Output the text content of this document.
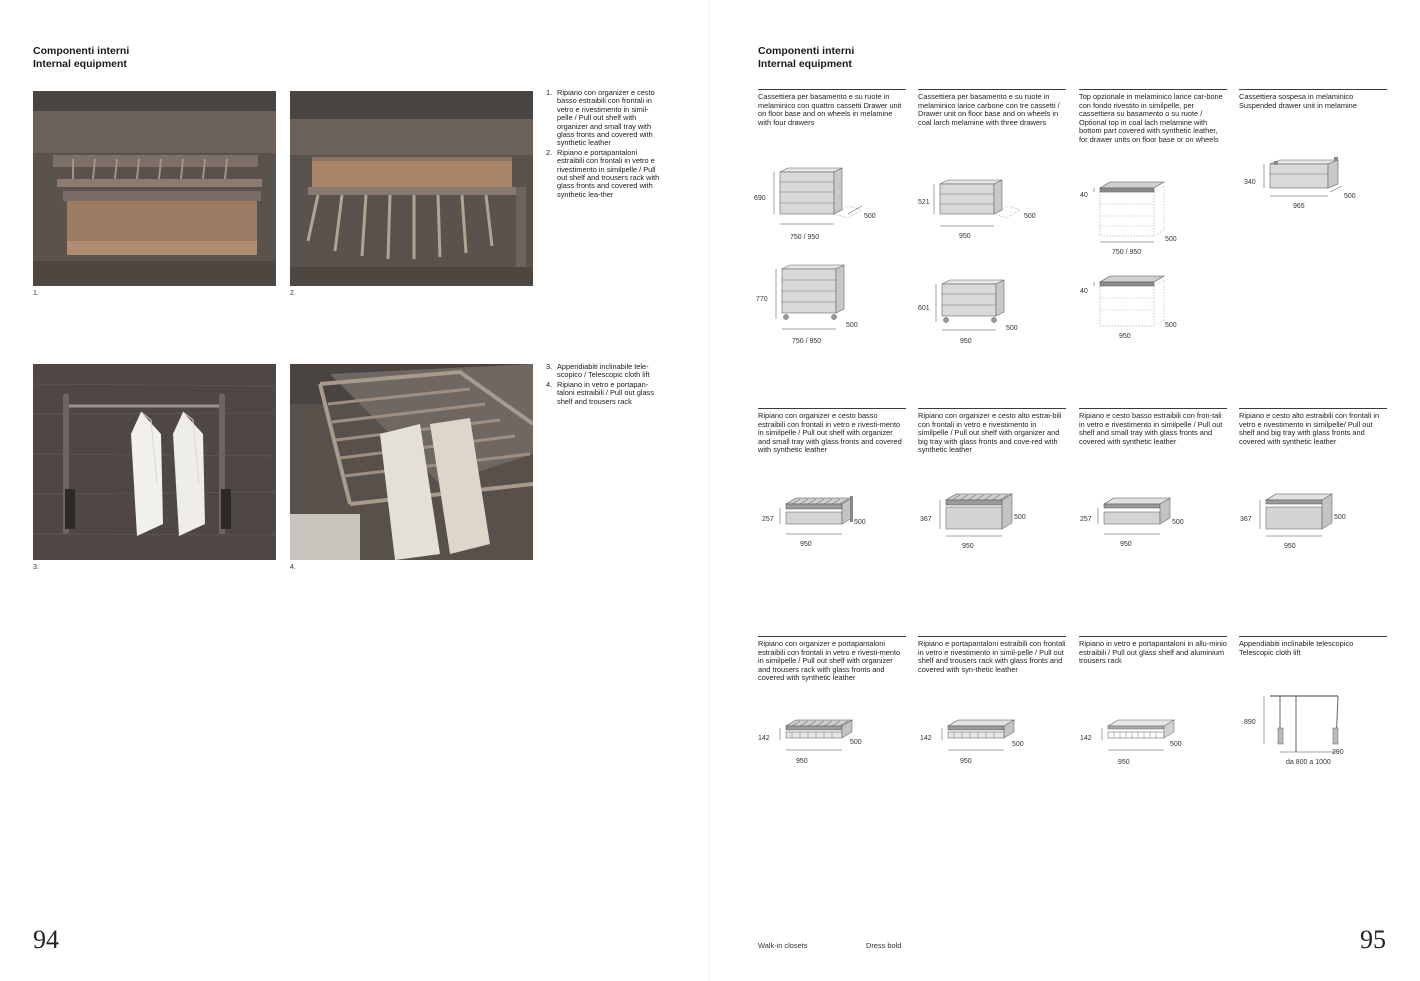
Componenti interni
Internal equipment
1.	2.
1. Ripiano con organizer e cesto basso estraibili con frontali in vetro e rivestimento in simil-pelle / Pull out shelf with organizer and small tray with glass fronts and covered with synthetic leather
2. Ripiano e portapantaloni estraibili con frontali in vetro e rivestimento in similpelle / Pull out shelf and trousers rack with glass fronts and covered with synthetic lea-ther
3.	4.
3. Appendiabiti inclinabile tele-scopico / Telescopic cloth lift
4. Ripiano in vetro e portapan-taloni estraibili / Pull out glass shelf and trousers rack
94
Componenti interni
Internal equipment
Cassettiera per basamento e su ruote in melaminico con quattro cassetti Drawer unit on floor base and on wheels in melamine with four drawers
Cassettiera per basamento e su ruote in melaminico larice carbone con tre cassetti / Drawer unit on floor base and on wheels in coal larch melamine with three drawers
Top opzionale in melaminico larice car-bone con fondo rivestito in similpelle, per cassettiera su basamento o su ruote / Optional top in coal lach melamine with bottom part covered with synthetic leather, for drawer units on floor base or on wheels
Cassettiera sospesa in melaminico Suspended drawer unit in melamine
690
500
750 / 950
770
500
750 / 950
521
500
950
601
500
950
40
500
750 / 950
40
500
950
340
500
965
Ripiano con organizer e cesto basso estraibili con frontali in vetro e rivesti-mento in similpelle / Pull out shelf with organizer and small tray with glass fronts and covered with synthetic leather
Ripiano con organizer e cesto alto estrai-bili con frontali in vetro e rivestimento in similpelle / Pull out shelf with organizer and big tray with glass fronts and cove-red with synthetic leather
Ripiano e cesto basso estraibili con fron-tali in vetro e rivestimento in similpelle / Pull out shelf and small tray with glass fronts and covered with synthetic leather
Ripiano e cesto alto estraibili con frontali in vetro e rivestimento in similpelle/ Pull out shelf and big tray with glass fronts and covered with synthetic leather
257	500
950
367	500
950
257	500
950
367	500
950
Ripiano con organizer e portapantaloni estraibili con frontali in vetro e rivesti-mento in similpelle / Pull out shelf with organizer and trousers rack with glass fronts and covered with synthetic leather
Ripiano e portapantaloni estraibili con frontali in vetro e rivestimento in simil-pelle / Pull out shelf and trousers rack with glass fronts and covered with syn-thetic leather
Ripiano in vetro e portapantaloni in allu-minio estraibili / Pull out glass shelf and aluminium trousers rack
Appendiabiti inclinabile telescopico Telescopic cloth lift
142
500
950
142
500
950
142
500
950
890
290
da 800 a 1000
Walk-in closets	Dress bold	95
